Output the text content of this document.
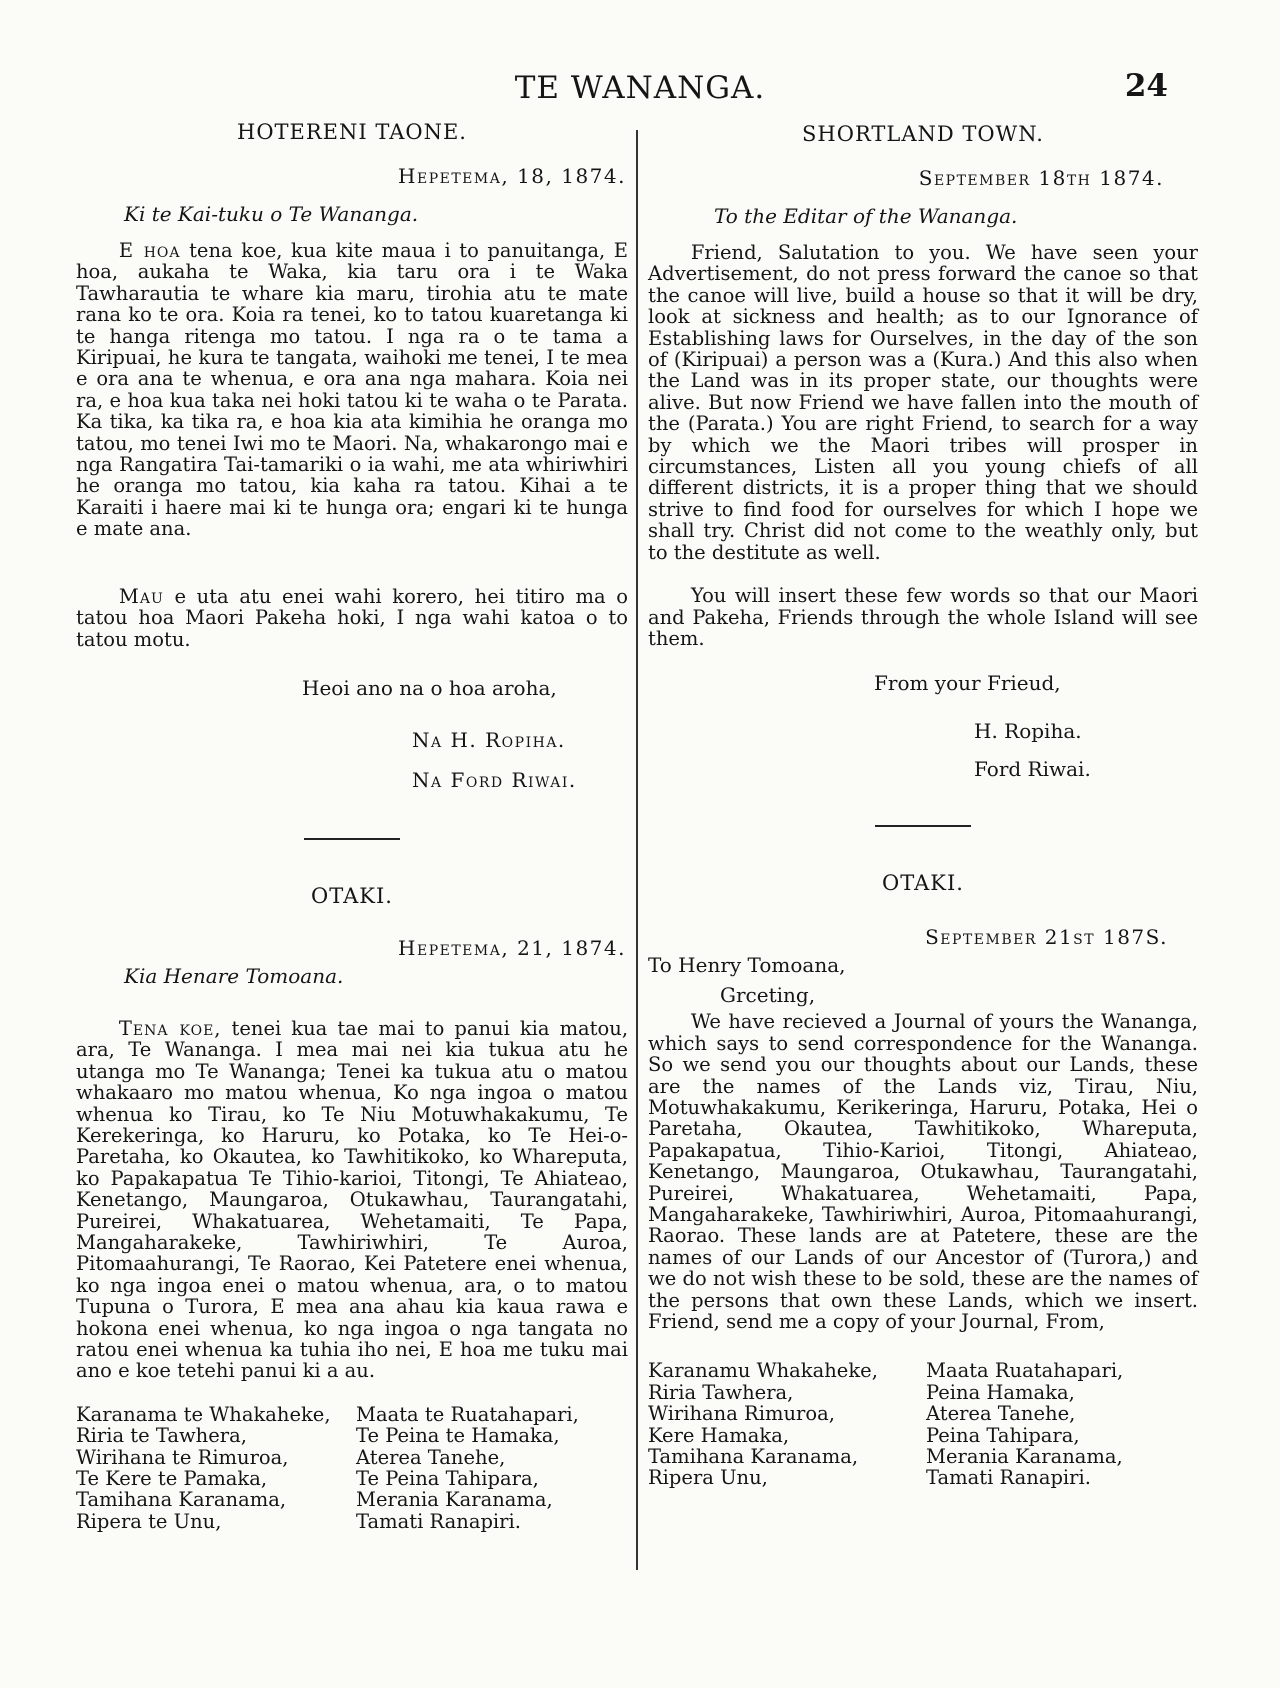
TE WANANGA.	24

HOTERENI TAONE.

Hepetema, 18, 1874.

Ki te Kai-tuku o Te Wananga.

E hoa tena koe, kua kite maua i to panuitanga, E hoa, aukaha te Waka, kia taru ora i te Waka Tawharautia te whare kia maru, tirohia atu te mate rana ko te ora. Koia ra tenei, ko to tatou kuaretanga ki te hanga ritenga mo tatou. I nga ra o te tama a Kiripuai, he kura te tangata, waihoki me tenei, I te mea e ora ana te whenua, e ora ana nga mahara. Koia nei ra, e hoa kua taka nei hoki tatou ki te waha o te Parata. Ka tika, ka tika ra, e hoa kia ata kimihia he oranga mo tatou, mo tenei Iwi mo te Maori. Na, whakarongo mai e nga Rangatira Tai-tamariki o ia wahi, me ata whiriwhiri he oranga mo tatou, kia kaha ra tatou. Kihai a te Karaiti i haere mai ki te hunga ora; engari ki te hunga e mate ana.

Mau e uta atu enei wahi korero, hei titiro ma o tatou hoa Maori Pakeha hoki, I nga wahi katoa o to tatou motu.

Heoi ano na o hoa aroha,

Na H. Ropiha.

Na Ford Riwai.

OTAKI.

Hepetema, 21, 1874.

Kia Henare Tomoana.

Tena koe, tenei kua tae mai to panui kia matou, ara, Te Wananga. I mea mai nei kia tukua atu he utanga mo Te Wananga; Tenei ka tukua atu o matou whakaaro mo matou whenua, Ko nga ingoa o matou whenua ko Tirau, ko Te Niu Motuwhakakumu, Te Kerekeringa, ko Haruru, ko Potaka, ko Te Hei-o-Paretaha, ko Okautea, ko Tawhitikoko, ko Whareputa, ko Papakapatua Te Tihio-karioi, Titongi, Te Ahiateao, Kenetango, Maungaroa, Otukawhau, Taurangatahi, Pureirei, Whakatuarea, Wehetamaiti, Te Papa, Mangaharakeke, Tawhiriwhiri, Te Auroa, Pitomaahurangi, Te Raorao, Kei Patetere enei whenua, ko nga ingoa enei o matou whenua, ara, o to matou Tupuna o Turora, E mea ana ahau kia kaua rawa e hokona enei whenua, ko nga ingoa o nga tangata no ratou enei whenua ka tuhia iho nei, E hoa me tuku mai ano e koe tetehi panui ki a au.

Karanama te Whakaheke,
Riria te Tawhera,
Wirihana te Rimuroa,
Te Kere te Pamaka,
Tamihana Karanama,
Ripera te Unu,
Maata te Ruatahapari,
Te Peina te Hamaka,
Aterea Tanehe,
Te Peina Tahipara,
Merania Karanama,
Tamati Ranapiri.

SHORTLAND TOWN.

September 18th 1874.

To the Editar of the Wananga.

Friend, Salutation to you. We have seen your Advertisement, do not press forward the canoe so that the canoe will live, build a house so that it will be dry, look at sickness and health; as to our Ignorance of Establishing laws for Ourselves, in the day of the son of (Kiripuai) a person was a (Kura.) And this also when the Land was in its proper state, our thoughts were alive. But now Friend we have fallen into the mouth of the (Parata.) You are right Friend, to search for a way by which we the Maori tribes will prosper in circumstances, Listen all you young chiefs of all different districts, it is a proper thing that we should strive to find food for ourselves for which I hope we shall try. Christ did not come to the weathly only, but to the destitute as well.

You will insert these few words so that our Maori and Pakeha, Friends through the whole Island will see them.

From your Frieud,

H. Ropiha.

Ford Riwai.

OTAKI.

September 21st 187S.

To Henry Tomoana,

Grceting,

We have recieved a Journal of yours the Wananga, which says to send correspondence for the Wananga. So we send you our thoughts about our Lands, these are the names of the Lands viz, Tirau, Niu, Motuwhakakumu, Kerikeringa, Haruru, Potaka, Hei o Paretaha, Okautea, Tawhitikoko, Whareputa, Papakapatua, Tihio-Karioi, Titongi, Ahiateao, Kenetango, Maungaroa, Otukawhau, Taurangatahi, Pureirei, Whakatuarea, Wehetamaiti, Papa, Mangaharakeke, Tawhiriwhiri, Auroa, Pitomaahurangi, Raorao. These lands are at Patetere, these are the names of our Lands of our Ancestor of (Turora,) and we do not wish these to be sold, these are the names of the persons that own these Lands, which we insert. Friend, send me a copy of your Journal, From,

Karanamu Whakaheke,
Riria Tawhera,
Wirihana Rimuroa,
Kere Hamaka,
Tamihana Karanama,
Ripera Unu,
Maata Ruatahapari,
Peina Hamaka,
Aterea Tanehe,
Peina Tahipara,
Merania Karanama,
Tamati Ranapiri.
